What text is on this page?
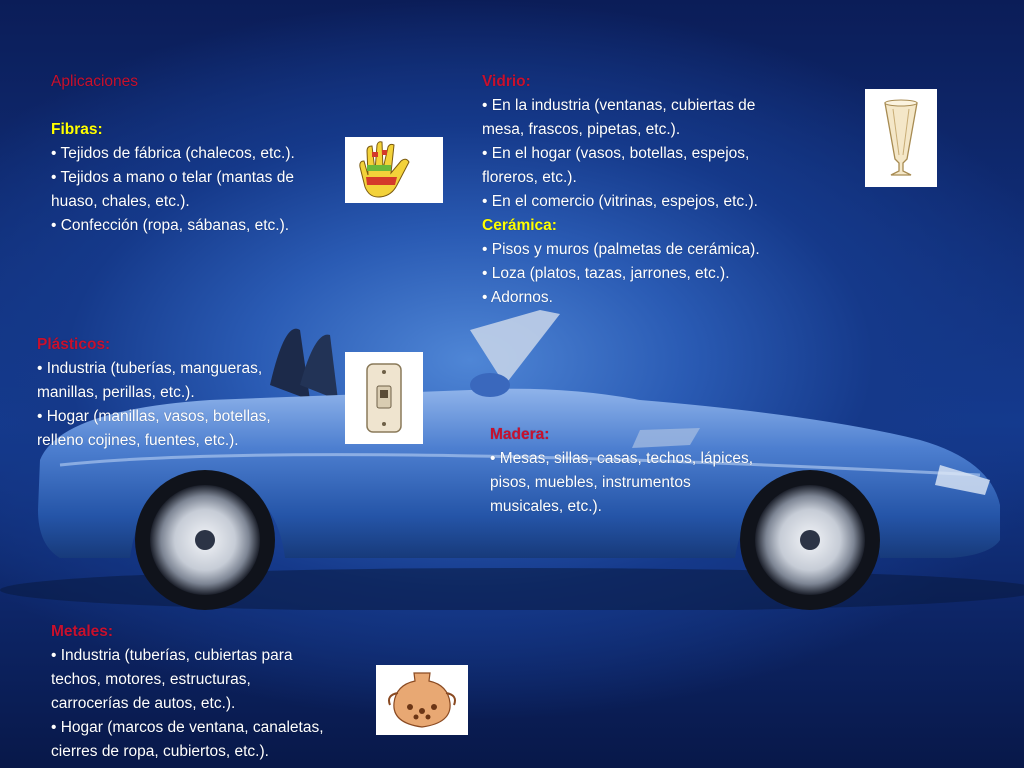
Aplicaciones
Fibras:
• Tejidos de fábrica (chalecos, etc.).
• Tejidos a mano o telar (mantas de
huaso, chales, etc.).
• Confección (ropa, sábanas, etc.).
Plásticos:
• Industria (tuberías, mangueras,
manillas, perillas, etc.).
• Hogar (manillas, vasos, botellas,
relleno cojines, fuentes, etc.).
Metales:
• Industria (tuberías, cubiertas para
techos, motores, estructuras,
carrocerías de autos, etc.).
• Hogar (marcos de ventana, canaletas,
cierres de ropa, cubiertos, etc.).
Vidrio:
• En la industria (ventanas, cubiertas de
mesa, frascos, pipetas, etc.).
• En el hogar (vasos, botellas, espejos,
floreros, etc.).
• En el comercio (vitrinas, espejos, etc.).
Cerámica:
• Pisos y muros (palmetas de cerámica).
• Loza (platos, tazas, jarrones, etc.).
• Adornos.
Madera:
• Mesas, sillas, casas, techos, lápices,
pisos, muebles, instrumentos
musicales, etc.).
